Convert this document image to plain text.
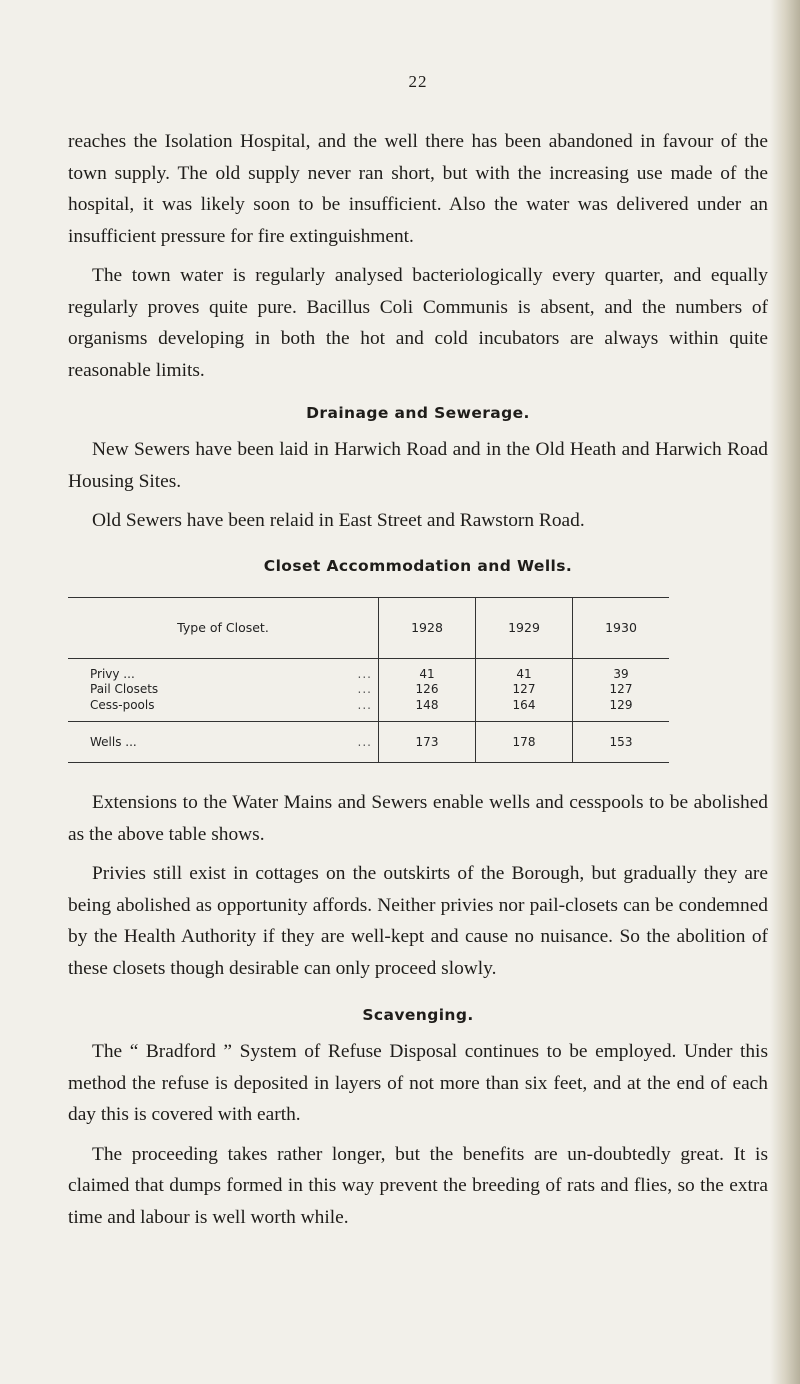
22

reaches the Isolation Hospital, and the well there has been abandoned in favour of the town supply. The old supply never ran short, but with the increasing use made of the hospital, it was likely soon to be insufficient. Also the water was delivered under an insufficient pressure for fire extinguishment.

The town water is regularly analysed bacteriologically every quarter, and equally regularly proves quite pure. Bacillus Coli Communis is absent, and the numbers of organisms developing in both the hot and cold incubators are always within quite reasonable limits.

Drainage and Sewerage.

New Sewers have been laid in Harwich Road and in the Old Heath and Harwich Road Housing Sites.

Old Sewers have been relaid in East Street and Rawstorn Road.

Closet Accommodation and Wells.
Type of Closet.	1928	1929	1930

Privy ... ...	41	41	39

Pail Closets ...	126	127	127

Cess-pools ...	148	164	129

Wells ... ...	173	178	153

Extensions to the Water Mains and Sewers enable wells and cesspools to be abolished as the above table shows.

Privies still exist in cottages on the outskirts of the Borough, but gradually they are being abolished as opportunity affords. Neither privies nor pail-closets can be condemned by the Health Authority if they are well-kept and cause no nuisance. So the abolition of these closets though desirable can only proceed slowly.

Scavenging.

The “ Bradford ” System of Refuse Disposal continues to be employed. Under this method the refuse is deposited in layers of not more than six feet, and at the end of each day this is covered with earth.

The proceeding takes rather longer, but the benefits are un-doubtedly great. It is claimed that dumps formed in this way prevent the breeding of rats and flies, so the extra time and labour is well worth while.
